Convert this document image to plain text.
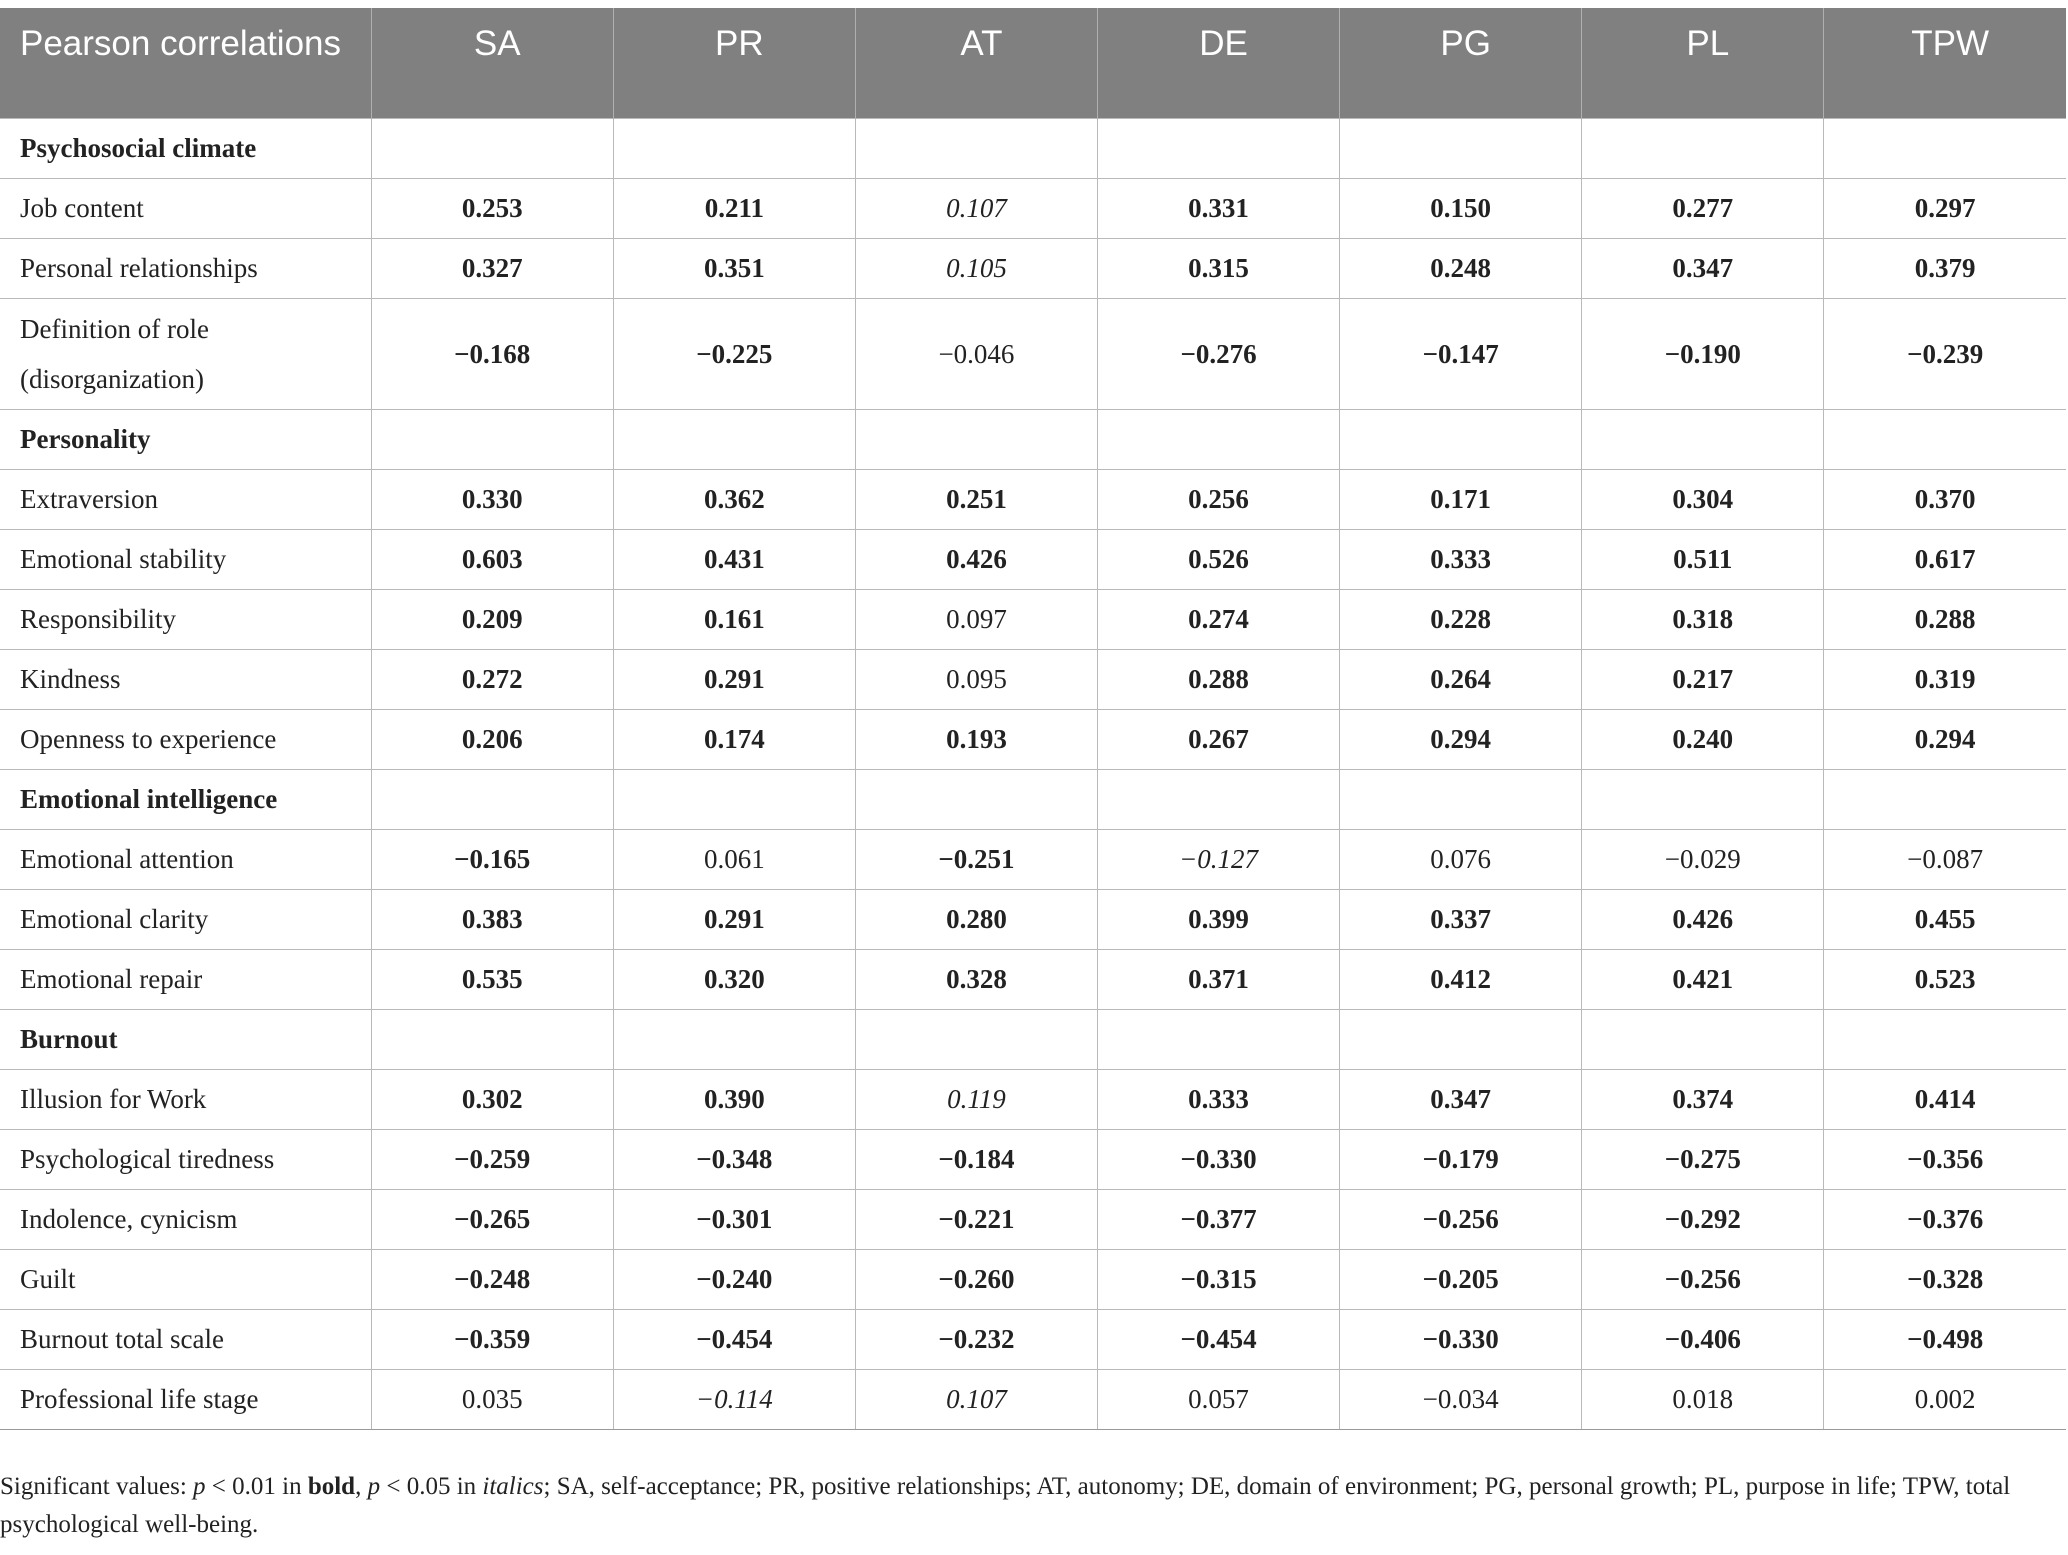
Pearson correlations	SA	PR	AT	DE	PG	PL	TPW
Psychosocial climate							
Job content	0.253	0.211	0.107	0.331	0.150	0.277	0.297
Personal relationships	0.327	0.351	0.105	0.315	0.248	0.347	0.379
Definition of role (disorganization)	−0.168	−0.225	−0.046	−0.276	−0.147	−0.190	−0.239
Personality							
Extraversion	0.330	0.362	0.251	0.256	0.171	0.304	0.370
Emotional stability	0.603	0.431	0.426	0.526	0.333	0.511	0.617
Responsibility	0.209	0.161	0.097	0.274	0.228	0.318	0.288
Kindness	0.272	0.291	0.095	0.288	0.264	0.217	0.319
Openness to experience	0.206	0.174	0.193	0.267	0.294	0.240	0.294
Emotional intelligence							
Emotional attention	−0.165	0.061	−0.251	−0.127	0.076	−0.029	−0.087
Emotional clarity	0.383	0.291	0.280	0.399	0.337	0.426	0.455
Emotional repair	0.535	0.320	0.328	0.371	0.412	0.421	0.523
Burnout							
Illusion for Work	0.302	0.390	0.119	0.333	0.347	0.374	0.414
Psychological tiredness	−0.259	−0.348	−0.184	−0.330	−0.179	−0.275	−0.356
Indolence, cynicism	−0.265	−0.301	−0.221	−0.377	−0.256	−0.292	−0.376
Guilt	−0.248	−0.240	−0.260	−0.315	−0.205	−0.256	−0.328
Burnout total scale	−0.359	−0.454	−0.232	−0.454	−0.330	−0.406	−0.498
Professional life stage	0.035	−0.114	0.107	0.057	−0.034	0.018	0.002
Significant values: p < 0.01 in bold, p < 0.05 in italics; SA, self-acceptance; PR, positive relationships; AT, autonomy; DE, domain of environment; PG, personal growth; PL, purpose in life; TPW, total psychological well-being.
